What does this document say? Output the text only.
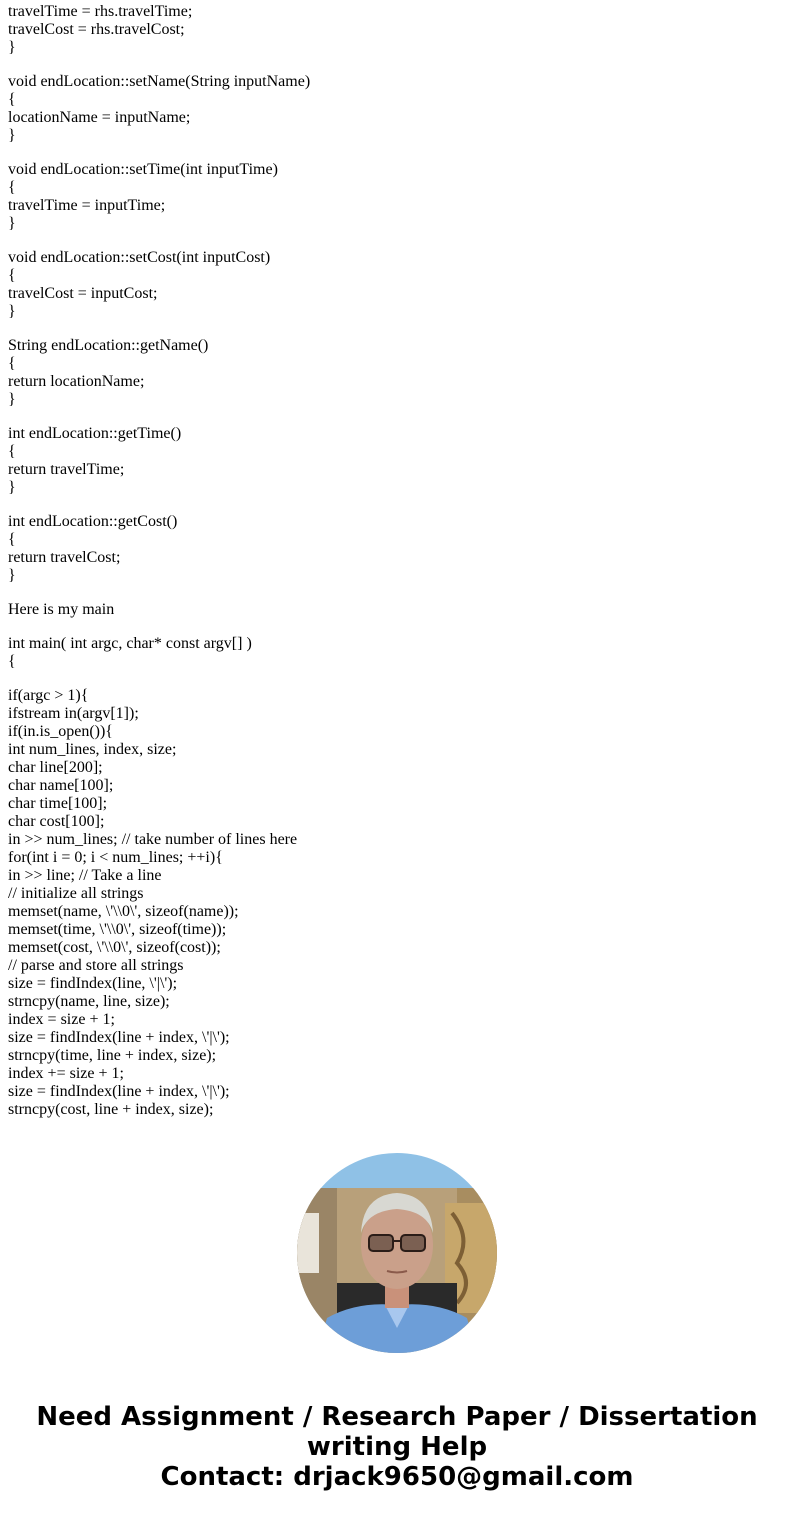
travelTime = rhs.travelTime;
travelCost = rhs.travelCost;
}
void endLocation::setName(String inputName)
{
locationName = inputName;
}
void endLocation::setTime(int inputTime)
{
travelTime = inputTime;
}
void endLocation::setCost(int inputCost)
{
travelCost = inputCost;
}
String endLocation::getName()
{
return locationName;
}
int endLocation::getTime()
{
return travelTime;
}
int endLocation::getCost()
{
return travelCost;
}
Here is my main
int main( int argc, char* const argv[] )
{
if(argc > 1){
ifstream in(argv[1]);
if(in.is_open()){
int num_lines, index, size;
char line[200];
char name[100];
char time[100];
char cost[100];
in >> num_lines; // take number of lines here
for(int i = 0; i < num_lines; ++i){
in >> line; // Take a line
// initialize all strings
memset(name, \'\\0\', sizeof(name));
memset(time, \'\\0\', sizeof(time));
memset(cost, \'\\0\', sizeof(cost));
// parse and store all strings
size = findIndex(line, \'|\');
strncpy(name, line, size);
index = size + 1;
size = findIndex(line + index, \'|\');
strncpy(time, line + index, size);
index += size + 1;
size = findIndex(line + index, \'|\');
strncpy(cost, line + index, size);
Need Assignment / Research Paper / Dissertation
writing Help
Contact: drjack9650@gmail.com
